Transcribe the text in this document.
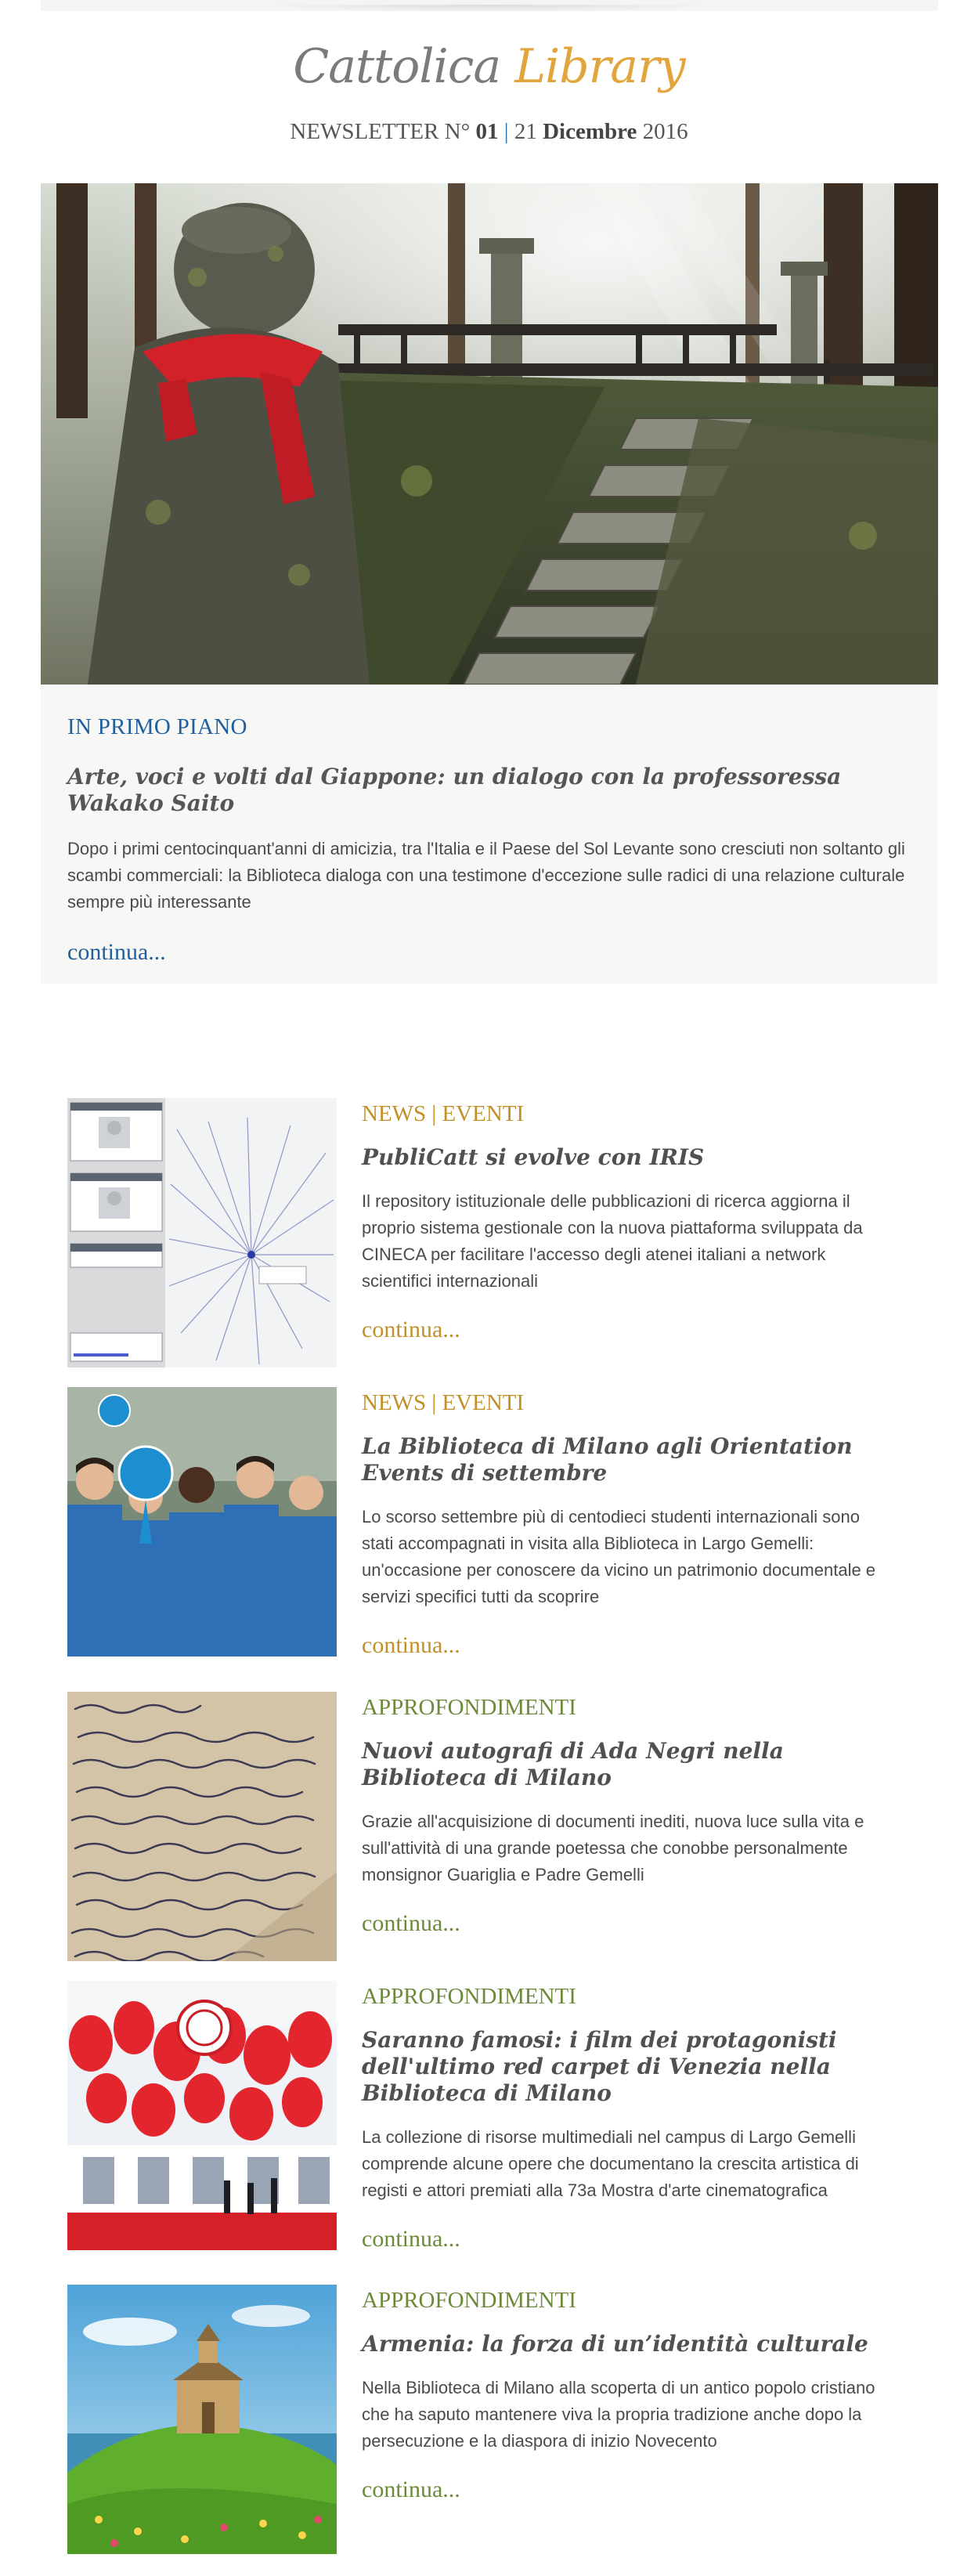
Cattolica Library
NEWSLETTER N° 01 | 21 Dicembre 2016
IN PRIMO PIANO
Arte, voci e volti dal Giappone: un dialogo con la professoressa Wakako Saito
Dopo i primi centocinquant'anni di amicizia, tra l'Italia e il Paese del Sol Levante sono cresciuti non soltanto gli scambi commerciali: la Biblioteca dialoga con una testimone d'eccezione sulle radici di una relazione culturale sempre più interessante
continua...
NEWS | EVENTI
PubliCatt si evolve con IRIS
Il repository istituzionale delle pubblicazioni di ricerca aggiorna il proprio sistema gestionale con la nuova piattaforma sviluppata da CINECA per facilitare l'accesso degli atenei italiani a network scientifici internazionali
continua...
NEWS | EVENTI
La Biblioteca di Milano agli Orientation Events di settembre
Lo scorso settembre più di centodieci studenti internazionali sono stati accompagnati in visita alla Biblioteca in Largo Gemelli: un'occasione per conoscere da vicino un patrimonio documentale e servizi specifici tutti da scoprire
continua...
APPROFONDIMENTI
Nuovi autografi di Ada Negri nella Biblioteca di Milano
Grazie all'acquisizione di documenti inediti, nuova luce sulla vita e sull'attività di una grande poetessa che conobbe personalmente monsignor Guariglia e Padre Gemelli
continua...
APPROFONDIMENTI
Saranno famosi: i film dei protagonisti dell'ultimo red carpet di Venezia nella Biblioteca di Milano
La collezione di risorse multimediali nel campus di Largo Gemelli comprende alcune opere che documentano la crescita artistica di registi e attori premiati alla 73a Mostra d'arte cinematografica
continua...
APPROFONDIMENTI
Armenia: la forza di un’identità culturale
Nella Biblioteca di Milano alla scoperta di un antico popolo cristiano che ha saputo mantenere viva la propria tradizione anche dopo la persecuzione e la diaspora di inizio Novecento
continua...
